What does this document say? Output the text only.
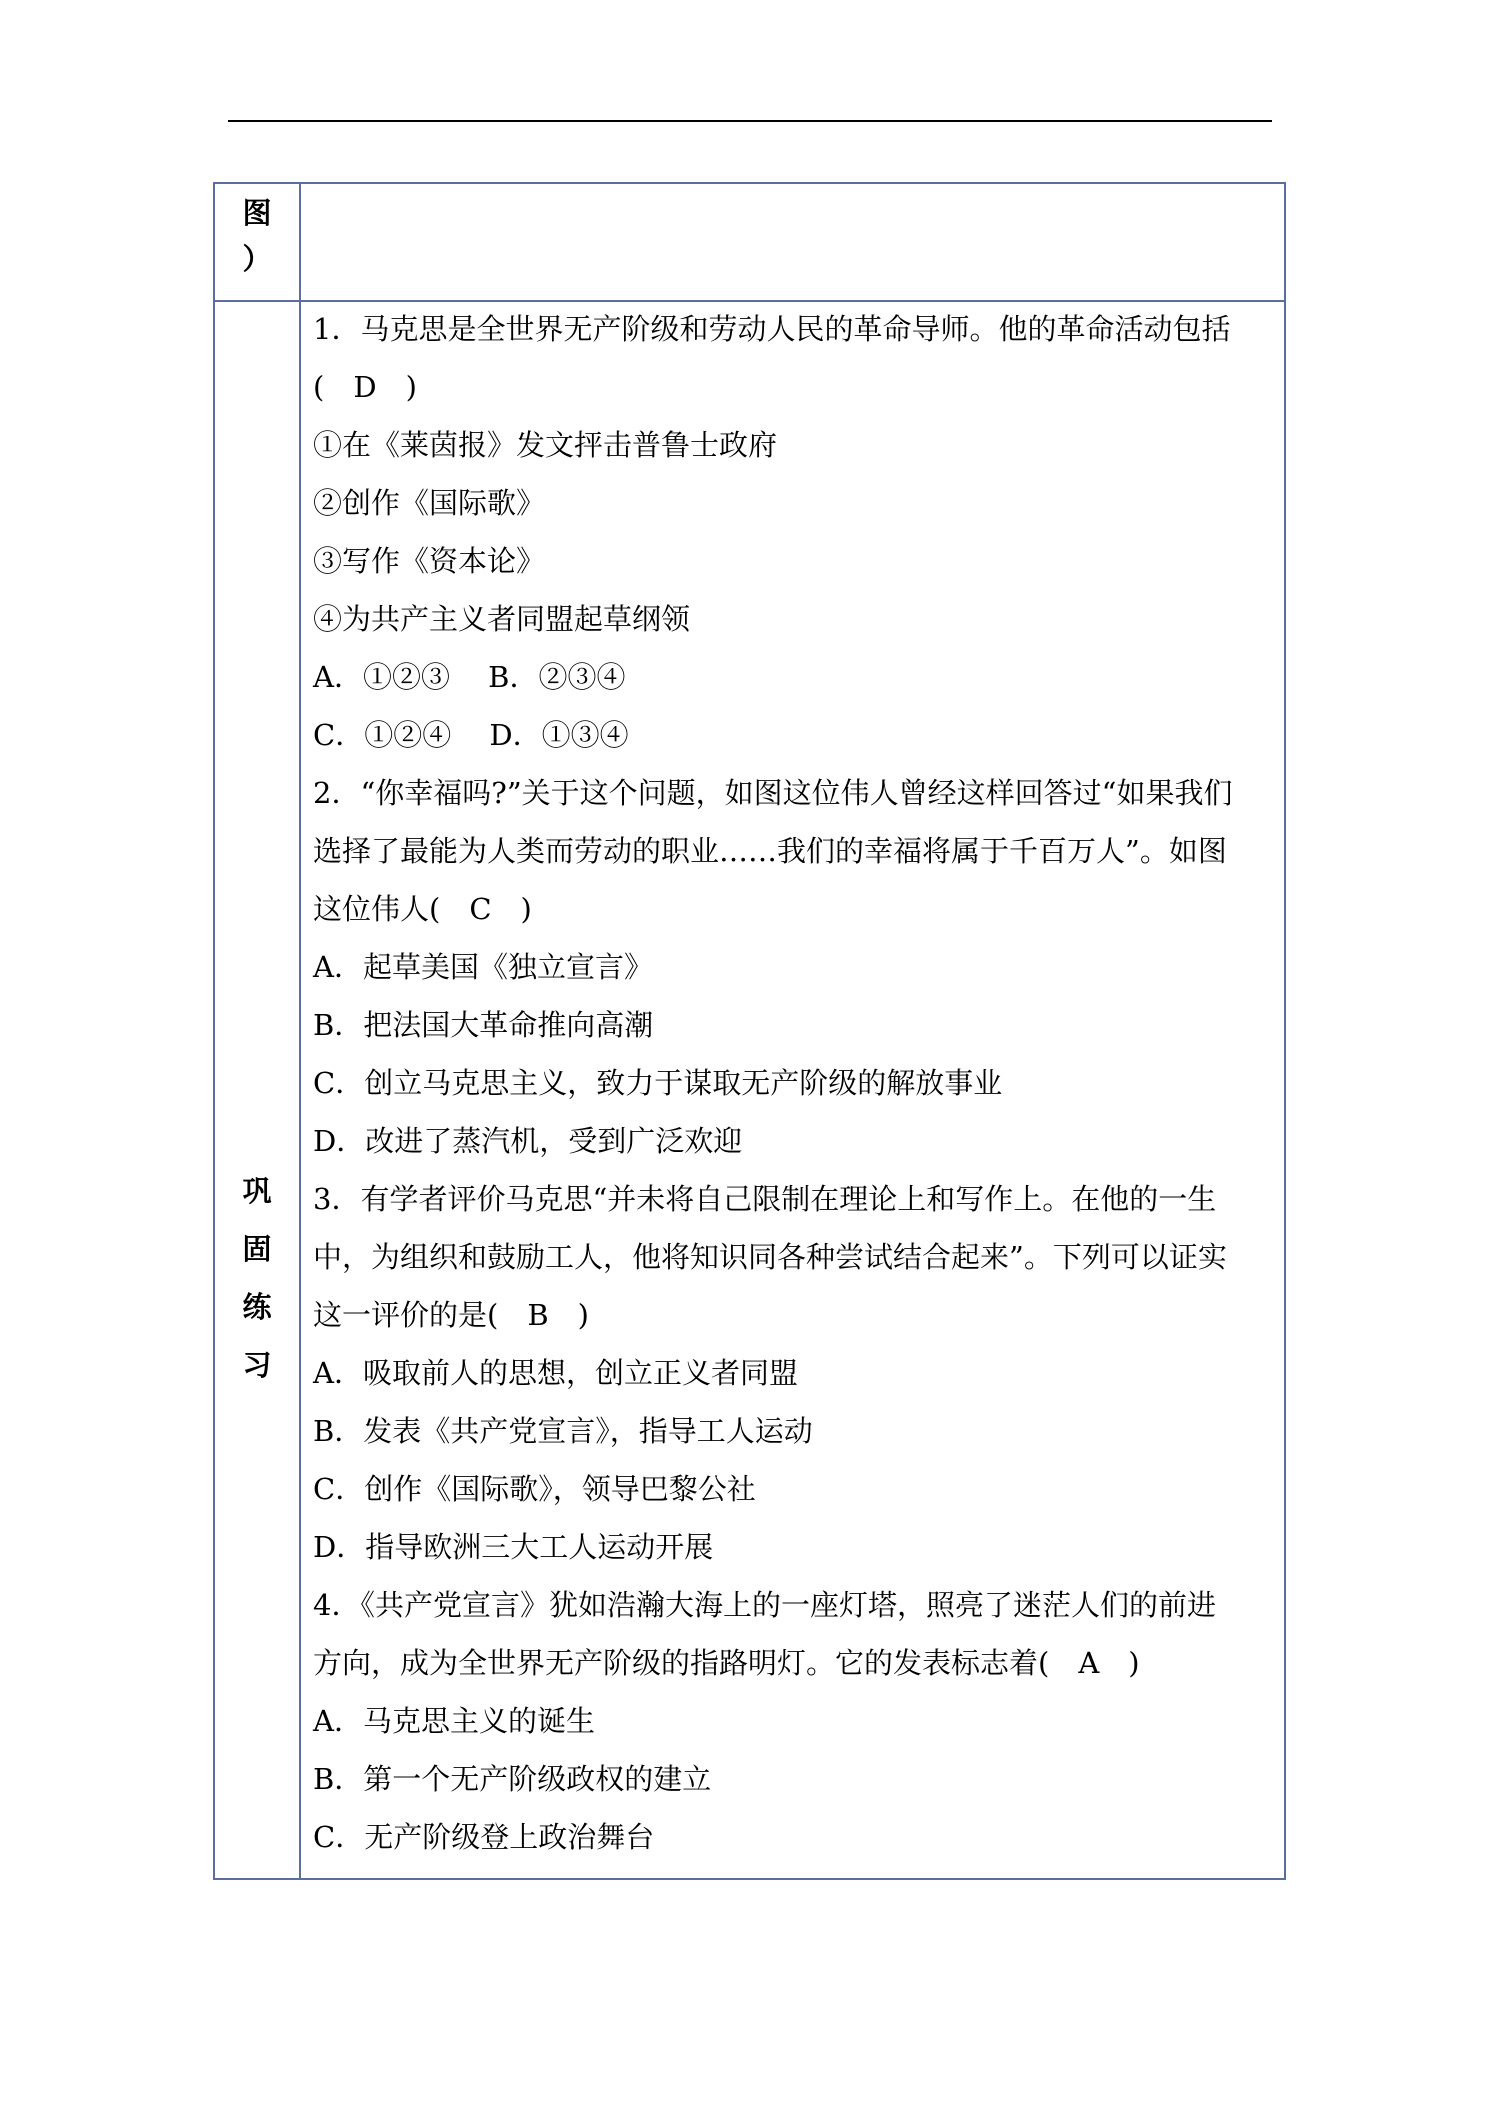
图
）
巩
固
练
习
1．马克思是全世界无产阶级和劳动人民的革命导师。他的革命活动包括
(　D　)
①在《莱茵报》发文抨击普鲁士政府
②创作《国际歌》
③写作《资本论》
④为共产主义者同盟起草纲领
A．①②③　 B．②③④
C．①②④　 D．①③④
2．“你幸福吗?”关于这个问题，如图这位伟人曾经这样回答过“如果我们
选择了最能为人类而劳动的职业……我们的幸福将属于千百万人”。如图
这位伟人(　C　)
A．起草美国《独立宣言》
B．把法国大革命推向高潮
C．创立马克思主义，致力于谋取无产阶级的解放事业
D．改进了蒸汽机，受到广泛欢迎
3．有学者评价马克思“并未将自己限制在理论上和写作上。在他的一生
中，为组织和鼓励工人，他将知识同各种尝试结合起来”。下列可以证实
这一评价的是(　B　)
A．吸取前人的思想，创立正义者同盟
B．发表《共产党宣言》，指导工人运动
C．创作《国际歌》，领导巴黎公社
D．指导欧洲三大工人运动开展
4．《共产党宣言》犹如浩瀚大海上的一座灯塔，照亮了迷茫人们的前进
方向，成为全世界无产阶级的指路明灯。它的发表标志着(　A　)
A．马克思主义的诞生
B．第一个无产阶级政权的建立
C．无产阶级登上政治舞台
